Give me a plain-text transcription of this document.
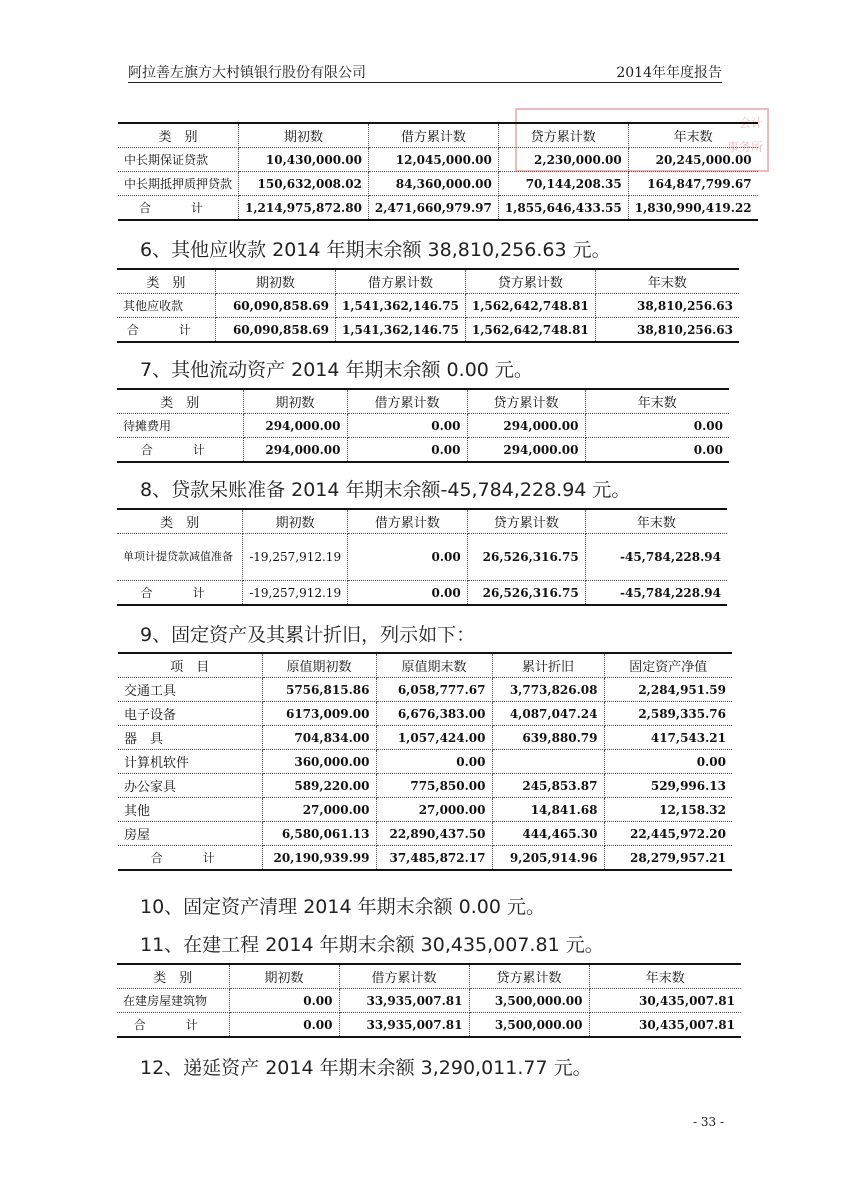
阿拉善左旗方大村镇银行股份有限公司	2014年年度报告
会计
事务所
类　别	期初数	借方累计数	贷方累计数	年末数
中长期保证贷款	10,430,000.00	12,045,000.00	2,230,000.00	20,245,000.00
中长期抵押质押贷款	150,632,008.02	84,360,000.00	70,144,208.35	164,847,799.67
合　计	1,214,975,872.80	2,471,660,979.97	1,855,646,433.55	1,830,990,419.22
6、其他应收款 2014 年期末余额 38,810,256.63 元。
类　别	期初数	借方累计数	贷方累计数	年末数
其他应收款	60,090,858.69	1,541,362,146.75	1,562,642,748.81	38,810,256.63
合　计	60,090,858.69	1,541,362,146.75	1,562,642,748.81	38,810,256.63
7、其他流动资产 2014 年期末余额 0.00 元。
类　别	期初数	借方累计数	贷方累计数	年末数
待摊费用	294,000.00	0.00	294,000.00	0.00
合　计	294,000.00	0.00	294,000.00	0.00
8、贷款呆账准备 2014 年期末余额-45,784,228.94 元。
类　别	期初数	借方累计数	贷方累计数	年末数
单项计提贷款减值准备	-19,257,912.19	0.00	26,526,316.75	-45,784,228.94
合　计	-19,257,912.19	0.00	26,526,316.75	-45,784,228.94
9、固定资产及其累计折旧，列示如下：
项　目	原值期初数	原值期末数	累计折旧	固定资产净值
交通工具	5756,815.86	6,058,777.67	3,773,826.08	2,284,951.59
电子设备	6173,009.00	6,676,383.00	4,087,047.24	2,589,335.76
器　具	704,834.00	1,057,424.00	639,880.79	417,543.21
计算机软件	360,000.00	0.00		0.00
办公家具	589,220.00	775,850.00	245,853.87	529,996.13
其他	27,000.00	27,000.00	14,841.68	12,158.32
房屋	6,580,061.13	22,890,437.50	444,465.30	22,445,972.20
合　计	20,190,939.99	37,485,872.17	9,205,914.96	28,279,957.21
10、固定资产清理 2014 年期末余额 0.00 元。
11、在建工程 2014 年期末余额 30,435,007.81 元。
类　别	期初数	借方累计数	贷方累计数	年末数
在建房屋建筑物	0.00	33,935,007.81	3,500,000.00	30,435,007.81
合　计	0.00	33,935,007.81	3,500,000.00	30,435,007.81
12、递延资产 2014 年期末余额 3,290,011.77 元。
- 33 -
